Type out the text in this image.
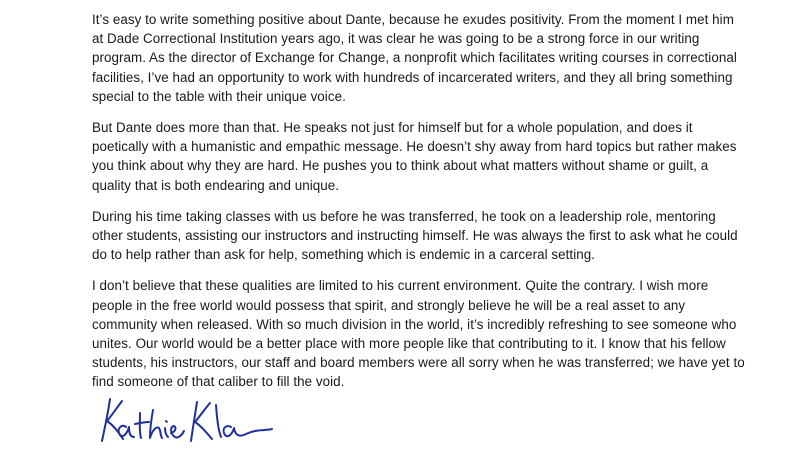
It’s easy to write something positive about Dante, because he exudes positivity. From the moment I met him at Dade Correctional Institution years ago, it was clear he was going to be a strong force in our writing program. As the director of Exchange for Change, a nonprofit which facilitates writing courses in correctional facilities, I’ve had an opportunity to work with hundreds of incarcerated writers, and they all bring something special to the table with their unique voice.

But Dante does more than that. He speaks not just for himself but for a whole population, and does it poetically with a humanistic and empathic message. He doesn’t shy away from hard topics but rather makes you think about why they are hard. He pushes you to think about what matters without shame or guilt, a quality that is both endearing and unique.

During his time taking classes with us before he was transferred, he took on a leadership role, mentoring other students, assisting our instructors and instructing himself. He was always the first to ask what he could do to help rather than ask for help, something which is endemic in a carceral setting.

I don’t believe that these qualities are limited to his current environment. Quite the contrary. I wish more people in the free world would possess that spirit, and strongly believe he will be a real asset to any community when released. With so much division in the world, it’s incredibly refreshing to see someone who unites. Our world would be a better place with more people like that contributing to it. I know that his fellow students, his instructors, our staff and board members were all sorry when he was transferred; we have yet to find someone of that caliber to fill the void.
